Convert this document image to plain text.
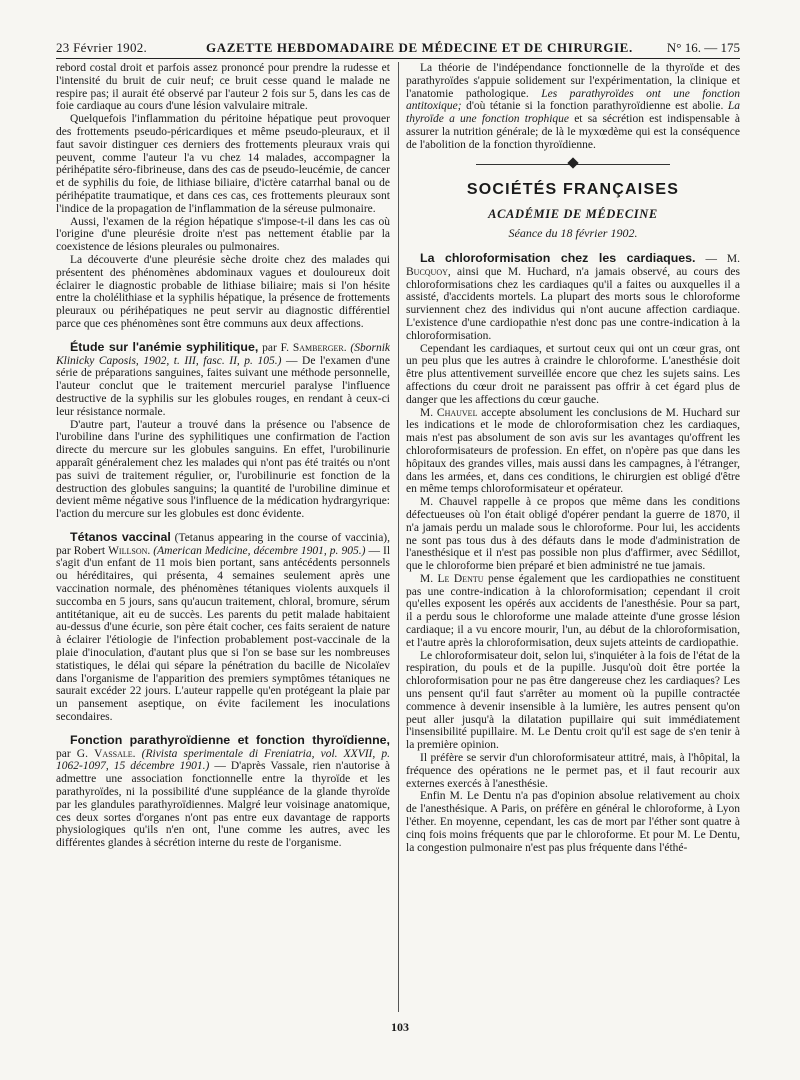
23 Février 1902.	GAZETTE HEBDOMADAIRE DE MÉDECINE ET DE CHIRURGIE.	N° 16. — 175

rebord costal droit et parfois assez prononcé pour prendre la rudesse et l'intensité du bruit de cuir neuf; ce bruit cesse quand le malade ne respire pas; il aurait été observé par l'auteur 2 fois sur 5, dans les cas de foie cardiaque au cours d'une lésion valvulaire mitrale.

Quelquefois l'inflammation du péritoine hépatique peut provoquer des frottements pseudo-péricardiques et même pseudo-pleuraux, et il faut savoir distinguer ces derniers des frottements pleuraux vrais qui peuvent, comme l'auteur l'a vu chez 14 malades, accompagner la périhépatite séro-fibrineuse, dans des cas de pseudo-leucémie, de cancer et de syphilis du foie, de lithiase biliaire, d'ictère catarrhal banal ou de périhépatite traumatique, et dans ces cas, ces frottements pleuraux sont l'indice de la propagation de l'inflammation de la séreuse pulmonaire.

Aussi, l'examen de la région hépatique s'impose-t-il dans les cas où l'origine d'une pleurésie droite n'est pas nettement établie par la coexistence de lésions pleurales ou pulmonaires.

La découverte d'une pleurésie sèche droite chez des malades qui présentent des phénomènes abdominaux vagues et douloureux doit éclairer le diagnostic probable de lithiase biliaire; mais si l'on hésite entre la cholélithiase et la syphilis hépatique, la présence de frottements pleuraux ou périhépatiques ne peut servir au diagnostic différentiel parce que ces phénomènes sont être communs aux deux affections.

Étude sur l'anémie syphilitique, par F. Samberger. (Sbornik Klinicky Caposis, 1902, t. III, fasc. II, p. 105.) — De l'examen d'une série de préparations sanguines, faites suivant une méthode personnelle, l'auteur conclut que le traitement mercuriel paralyse l'influence destructive de la syphilis sur les globules rouges, en rendant à ceux-ci leur résistance normale.

D'autre part, l'auteur a trouvé dans la présence ou l'absence de l'urobiline dans l'urine des syphilitiques une confirmation de l'action directe du mercure sur les globules sanguins. En effet, l'urobilinurie apparaît généralement chez les malades qui n'ont pas été traités ou n'ont pas suivi de traitement régulier, or, l'urobilinurie est fonction de la destruction des globules sanguins; la quantité de l'urobiline diminue et devient même négative sous l'influence de la médication hydrargyrique: l'action du mercure sur les globules est donc évidente.

Tétanos vaccinal (Tetanus appearing in the course of vaccinia), par Robert Willson. (American Medicine, décembre 1901, p. 905.) — Il s'agit d'un enfant de 11 mois bien portant, sans antécédents personnels ou héréditaires, qui présenta, 4 semaines seulement après une vaccination normale, des phénomènes tétaniques violents auxquels il succomba en 5 jours, sans qu'aucun traitement, chloral, bromure, sérum antitétanique, ait eu de succès. Les parents du petit malade habitaient au-dessus d'une écurie, son père était cocher, ces faits seraient de nature à éclairer l'étiologie de l'infection probablement post-vaccinale de la plaie d'inoculation, d'autant plus que si l'on se base sur les nombreuses statistiques, le délai qui sépare la pénétration du bacille de Nicolaïev dans l'organisme de l'apparition des premiers symptômes tétaniques ne saurait excéder 22 jours. L'auteur rappelle qu'en protégeant la plaie par un pansement aseptique, on évite facilement les inoculations secondaires.

Fonction parathyroïdienne et fonction thyroïdienne, par G. Vassale. (Rivista sperimentale di Freniatria, vol. XXVII, p. 1062-1097, 15 décembre 1901.) — D'après Vassale, rien n'autorise à admettre une association fonctionnelle entre la thyroïde et les parathyroïdes, ni la possibilité d'une suppléance de la glande thyroïde par les glandules parathyroïdiennes. Malgré leur voisinage anatomique, ces deux sortes d'organes n'ont pas entre eux davantage de rapports physiologiques qu'ils n'en ont, l'une comme les autres, avec les différentes glandes à sécrétion interne du reste de l'organisme.

La théorie de l'indépendance fonctionnelle de la thyroïde et des parathyroïdes s'appuie solidement sur l'expérimentation, la clinique et l'anatomie pathologique. Les parathyroïdes ont une fonction antitoxique; d'où tétanie si la fonction parathyroïdienne est abolie. La thyroïde a une fonction trophique et sa sécrétion est indispensable à assurer la nutrition générale; de là le myxœdème qui est la conséquence de l'abolition de la fonction thyroïdienne.

SOCIÉTÉS FRANÇAISES
ACADÉMIE DE MÉDECINE
Séance du 18 février 1902.

La chloroformisation chez les cardiaques. — M. Bucquoy, ainsi que M. Huchard, n'a jamais observé, au cours des chloroformisations chez les cardiaques qu'il a faites ou auxquelles il a assisté, d'accidents mortels. La plupart des morts sous le chloroforme surviennent chez des individus qui n'ont aucune affection cardiaque. L'existence d'une cardiopathie n'est donc pas une contre-indication à la chloroformisation.

Cependant les cardiaques, et surtout ceux qui ont un cœur gras, ont un peu plus que les autres à craindre le chloroforme. L'anesthésie doit être plus attentivement surveillée encore que chez les sujets sains. Les affections du cœur droit ne paraissent pas offrir à cet égard plus de danger que les affections du cœur gauche.

M. Chauvel accepte absolument les conclusions de M. Huchard sur les indications et le mode de chloroformisation chez les cardiaques, mais n'est pas absolument de son avis sur les avantages qu'offrent les chloroformisateurs de profession. En effet, on n'opère pas que dans les hôpitaux des grandes villes, mais aussi dans les campagnes, à l'étranger, dans les armées, et, dans ces conditions, le chirurgien est obligé d'être en même temps chloroformisateur et opérateur.

M. Chauvel rappelle à ce propos que même dans les conditions défectueuses où l'on était obligé d'opérer pendant la guerre de 1870, il n'a jamais perdu un malade sous le chloroforme. Pour lui, les accidents ne sont pas tous dus à des défauts dans le mode d'administration de l'anesthésique et il n'est pas possible non plus d'affirmer, avec Sédillot, que le chloroforme bien préparé et bien administré ne tue jamais.

M. Le Dentu pense également que les cardiopathies ne constituent pas une contre-indication à la chloroformisation; cependant il croit qu'elles exposent les opérés aux accidents de l'anesthésie. Pour sa part, il a perdu sous le chloroforme une malade atteinte d'une grosse lésion cardiaque; il a vu encore mourir, l'un, au début de la chloroformisation, et l'autre après la chloroformisation, deux sujets atteints de cardiopathie.

Le chloroformisateur doit, selon lui, s'inquiéter à la fois de l'état de la respiration, du pouls et de la pupille. Jusqu'où doit être portée la chloroformisation pour ne pas être dangereuse chez les cardiaques? Les uns pensent qu'il faut s'arrêter au moment où la pupille contractée commence à devenir insensible à la lumière, les autres pensent qu'on peut aller jusqu'à la dilatation pupillaire qui suit immédiatement l'insensibilité pupillaire. M. Le Dentu croit qu'il est sage de s'en tenir à la première opinion.

Il préfère se servir d'un chloroformisateur attitré, mais, à l'hôpital, la fréquence des opérations ne le permet pas, et il faut recourir aux externes exercés à l'anesthésie.

Enfin M. Le Dentu n'a pas d'opinion absolue relativement au choix de l'anesthésique. A Paris, on préfère en général le chloroforme, à Lyon l'éther. En moyenne, cependant, les cas de mort par l'éther sont quatre à cinq fois moins fréquents que par le chloroforme. Et pour M. Le Dentu, la congestion pulmonaire n'est pas plus fréquente dans l'éthé-

103
